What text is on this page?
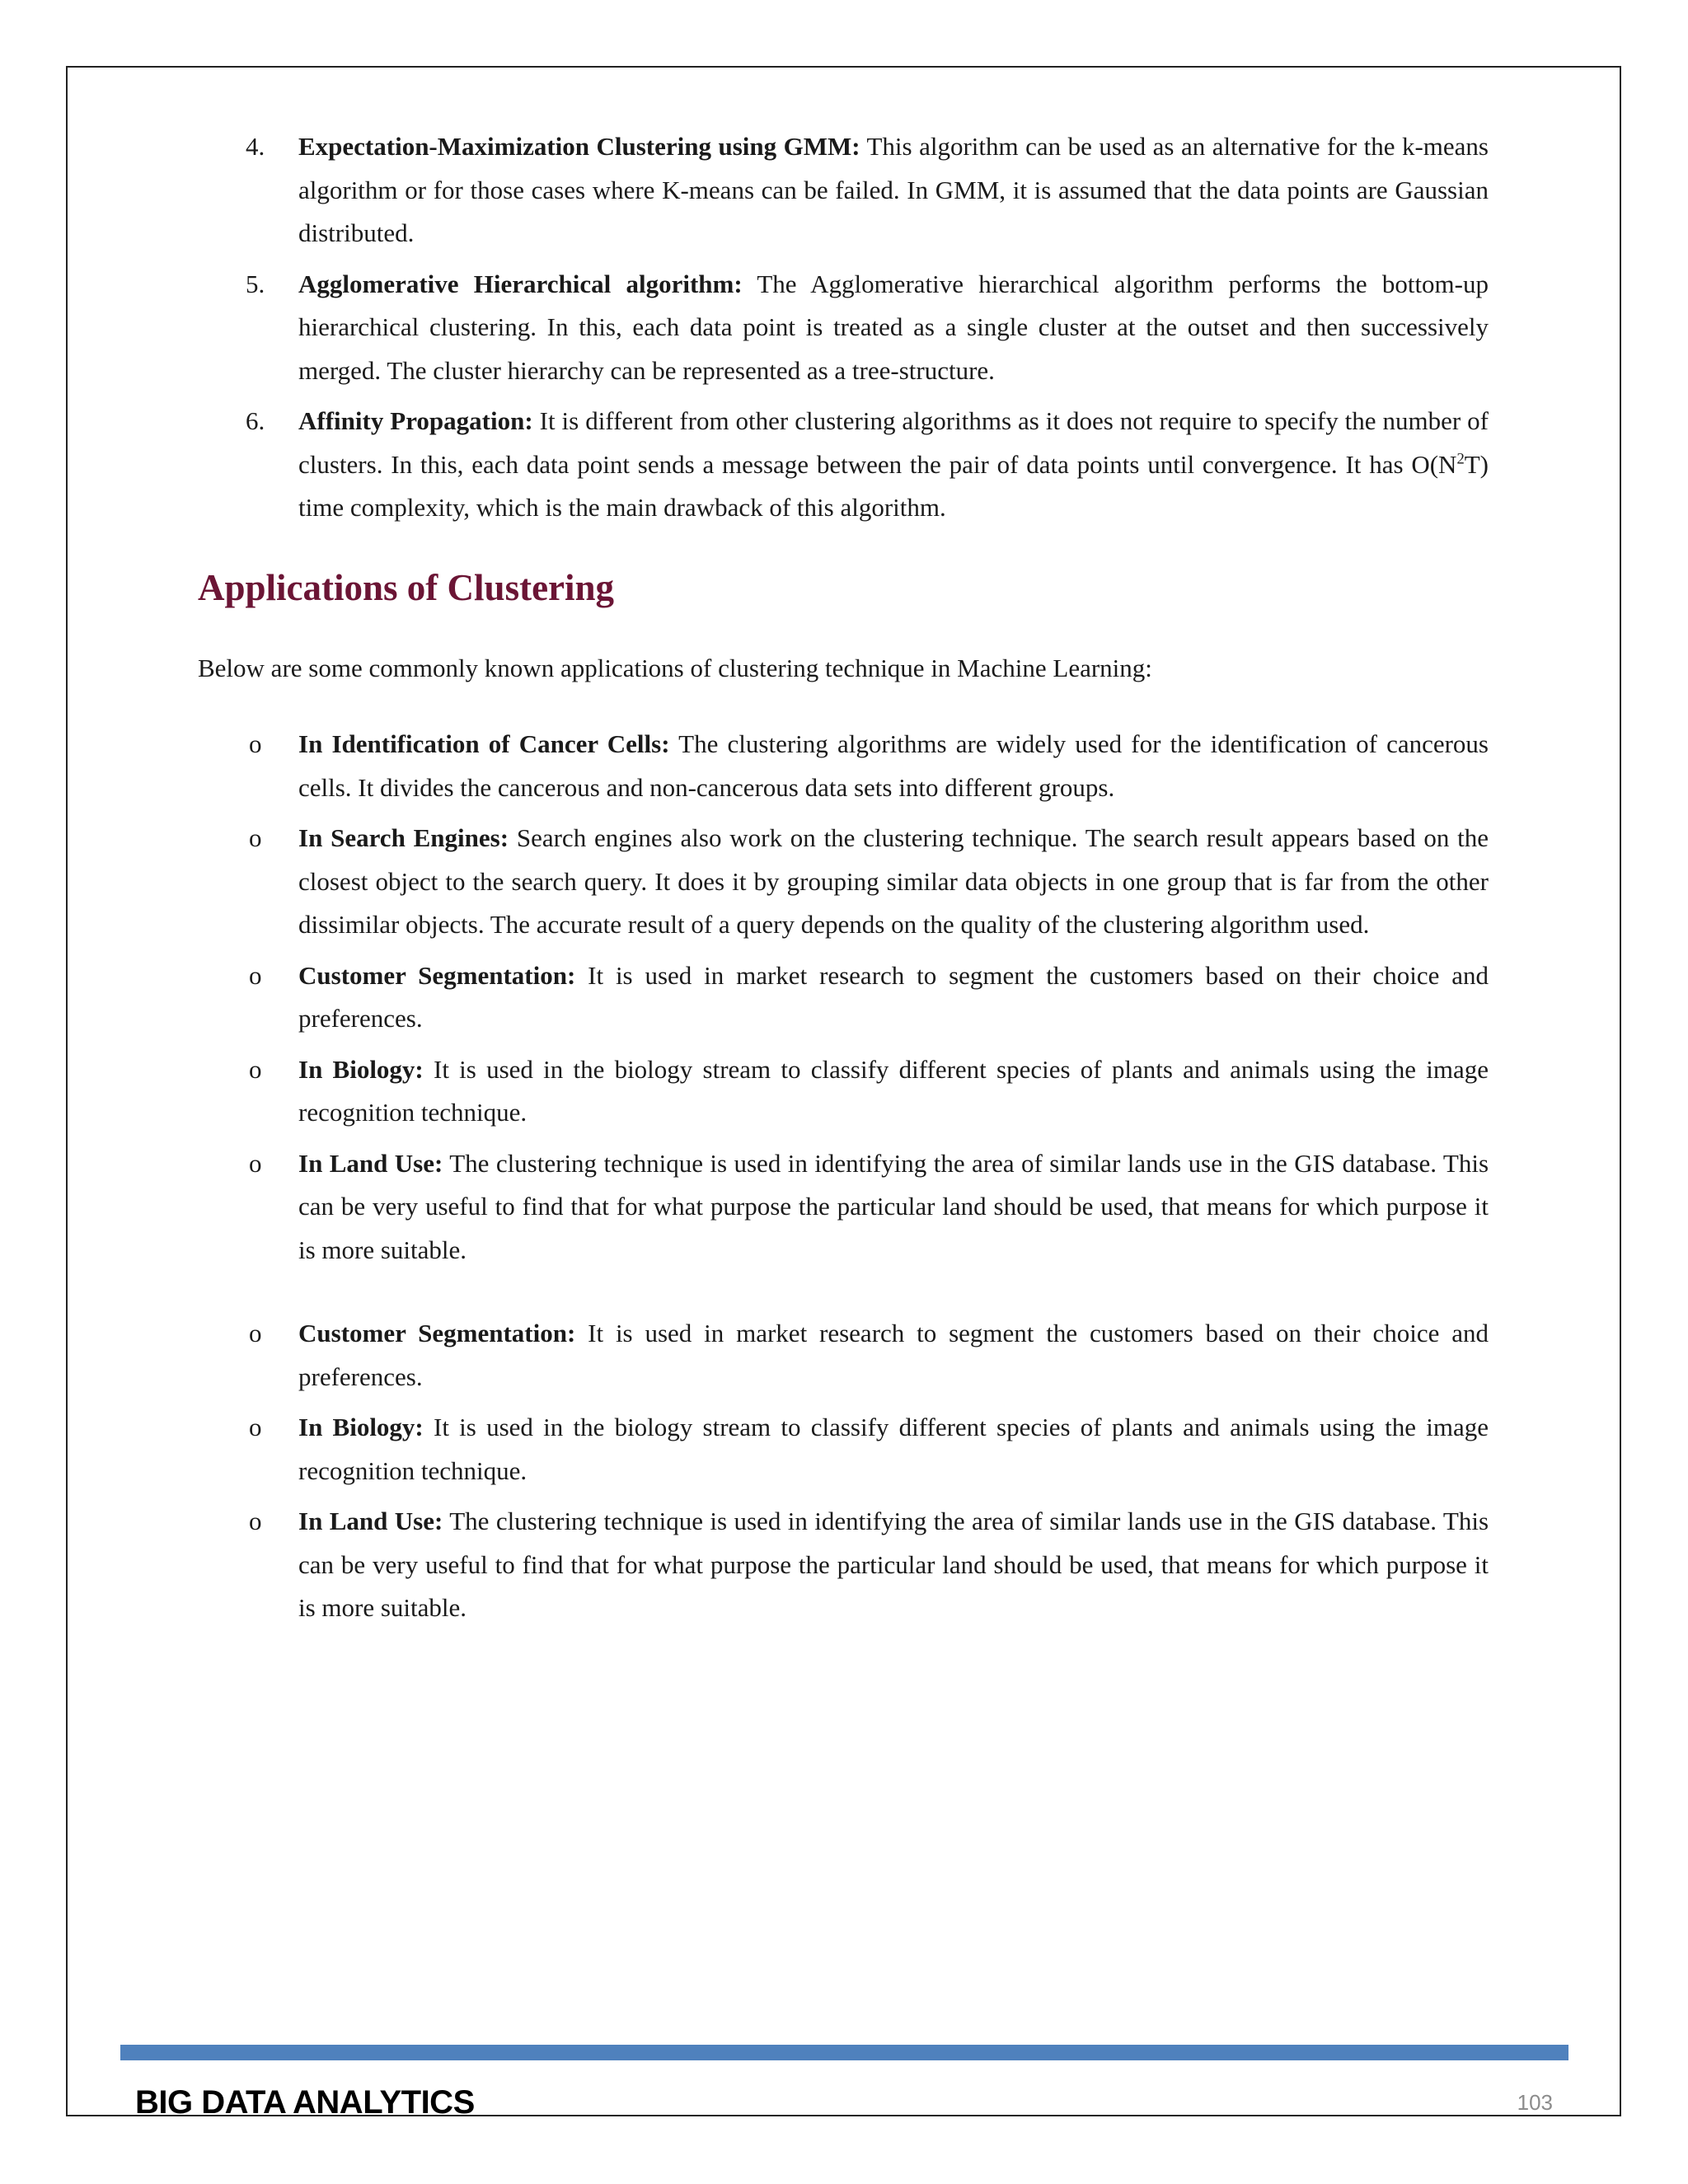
4. Expectation-Maximization Clustering using GMM: This algorithm can be used as an alternative for the k-means algorithm or for those cases where K-means can be failed. In GMM, it is assumed that the data points are Gaussian distributed.
5. Agglomerative Hierarchical algorithm: The Agglomerative hierarchical algorithm performs the bottom-up hierarchical clustering. In this, each data point is treated as a single cluster at the outset and then successively merged. The cluster hierarchy can be represented as a tree-structure.
6. Affinity Propagation: It is different from other clustering algorithms as it does not require to specify the number of clusters. In this, each data point sends a message between the pair of data points until convergence. It has $O(N^2T)$ time complexity, which is the main drawback of this algorithm.
Applications of Clustering

Below are some commonly known applications of clustering technique in Machine Learning:

o In Identification of Cancer Cells: The clustering algorithms are widely used for the identification of cancerous cells. It divides the cancerous and non-cancerous data sets into different groups.
o In Search Engines: Search engines also work on the clustering technique. The search result appears based on the closest object to the search query. It does it by grouping similar data objects in one group that is far from the other dissimilar objects. The accurate result of a query depends on the quality of the clustering algorithm used.
o Customer Segmentation: It is used in market research to segment the customers based on their choice and preferences.
o In Biology: It is used in the biology stream to classify different species of plants and animals using the image recognition technique.
o In Land Use: The clustering technique is used in identifying the area of similar lands use in the GIS database. This can be very useful to find that for what purpose the particular land should be used, that means for which purpose it is more suitable.
o Customer Segmentation: It is used in market research to segment the customers based on their choice and preferences.
o In Biology: It is used in the biology stream to classify different species of plants and animals using the image recognition technique.
o In Land Use: The clustering technique is used in identifying the area of similar lands use in the GIS database. This can be very useful to find that for what purpose the particular land should be used, that means for which purpose it is more suitable.
BIG DATA ANALYTICS	103
